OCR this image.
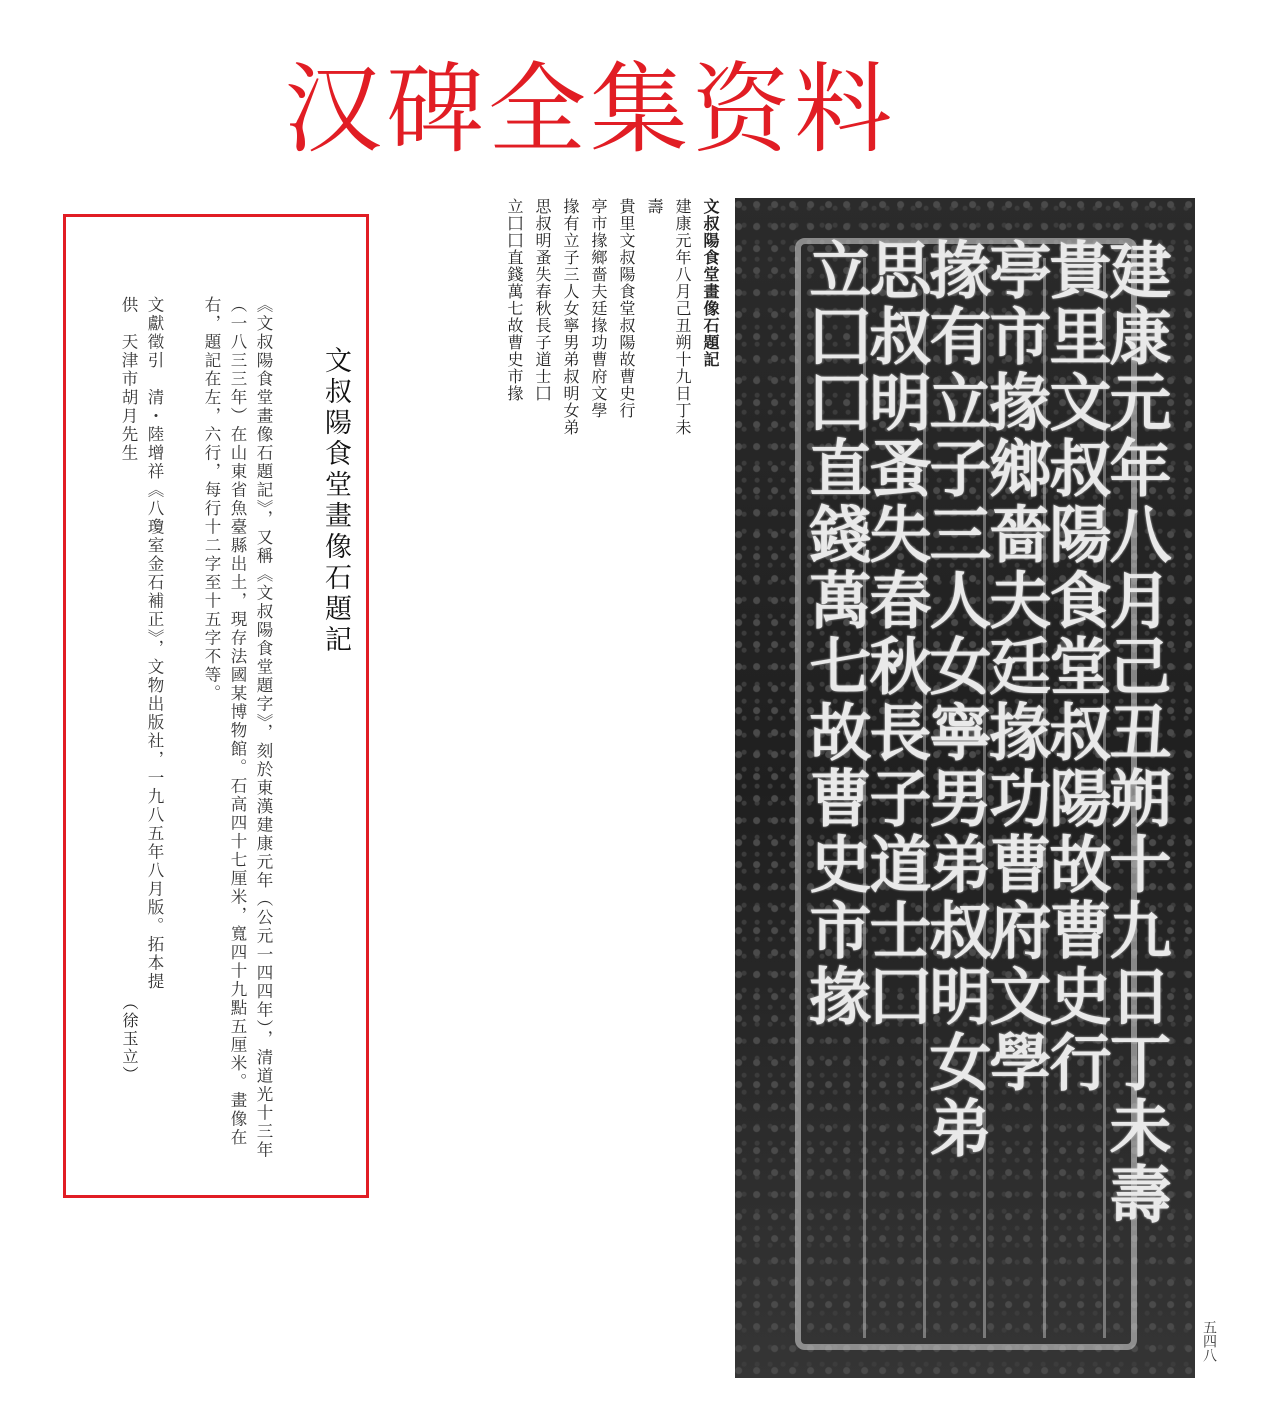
汉碑全集资料
文叔陽食堂畫像石題記
《文叔陽食堂畫像石題記》，又稱《文叔陽食堂題字》，刻於東漢建康元年（公元一四四年），清道光十三年（一八三三年）在山東省魚臺縣出土，現存法國某博物館。石高四十七厘米，寬四十九點五厘米。畫像在右，題記在左，六行，每行十二字至十五字不等。
文獻徵引　清・陸增祥《八瓊室金石補正》，文物出版社，一九八五年八月版。拓本提供　天津市胡月先生
（徐玉立）
文叔陽食堂畫像石題記
建康元年八月己丑朔十九日丁未壽
貴里文叔陽食堂叔陽故曹史行
亭市掾鄉嗇夫廷掾功曹府文學
掾有立子三人女寧男弟叔明女弟
思叔明蚤失春秋長子道士囗
立囗囗直錢萬七故曹史市掾	建康元年八月己丑朔十九日丁未壽
貴里文叔陽食堂叔陽故曹史行
亭市掾鄉嗇夫廷掾功曹府文學
掾有立子三人女寧男弟叔明女弟
思叔明蚤失春秋長子道士囗
立囗囗直錢萬七故曹史市掾
五四八
